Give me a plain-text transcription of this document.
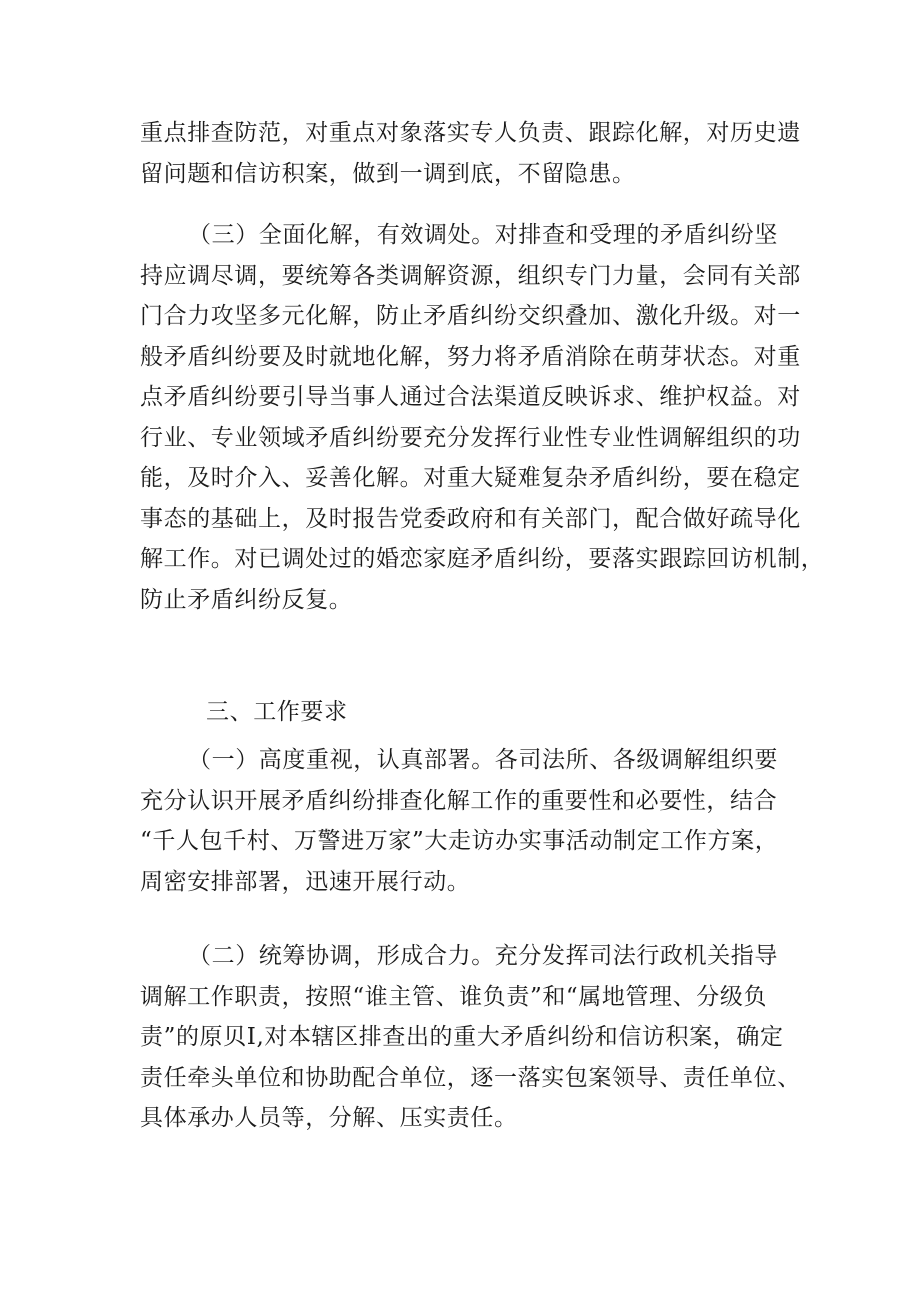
重点排查防范，对重点对象落实专人负责、跟踪化解，对历史遗
留问题和信访积案，做到一调到底，不留隐患。
（三）全面化解，有效调处。对排查和受理的矛盾纠纷坚
持应调尽调，要统筹各类调解资源，组织专门力量，会同有关部
门合力攻坚多元化解，防止矛盾纠纷交织叠加、激化升级。对一
般矛盾纠纷要及时就地化解，努力将矛盾消除在萌芽状态。对重
点矛盾纠纷要引导当事人通过合法渠道反映诉求、维护权益。对
行业、专业领域矛盾纠纷要充分发挥行业性专业性调解组织的功
能，及时介入、妥善化解。对重大疑难复杂矛盾纠纷，要在稳定
事态的基础上，及时报告党委政府和有关部门，配合做好疏导化
解工作。对已调处过的婚恋家庭矛盾纠纷，要落实跟踪回访机制，
防止矛盾纠纷反复。
三、工作要求
（一）高度重视，认真部署。各司法所、各级调解组织要
充分认识开展矛盾纠纷排查化解工作的重要性和必要性，结合
“千人包千村、万警进万家”大走访办实事活动制定工作方案，
周密安排部署，迅速开展行动。
（二）统筹协调，形成合力。充分发挥司法行政机关指导
调解工作职责，按照“谁主管、谁负责”和“属地管理、分级负
责”的原贝I,对本辖区排查出的重大矛盾纠纷和信访积案，确定
责任牵头单位和协助配合单位，逐一落实包案领导、责任单位、
具体承办人员等，分解、压实责任。
